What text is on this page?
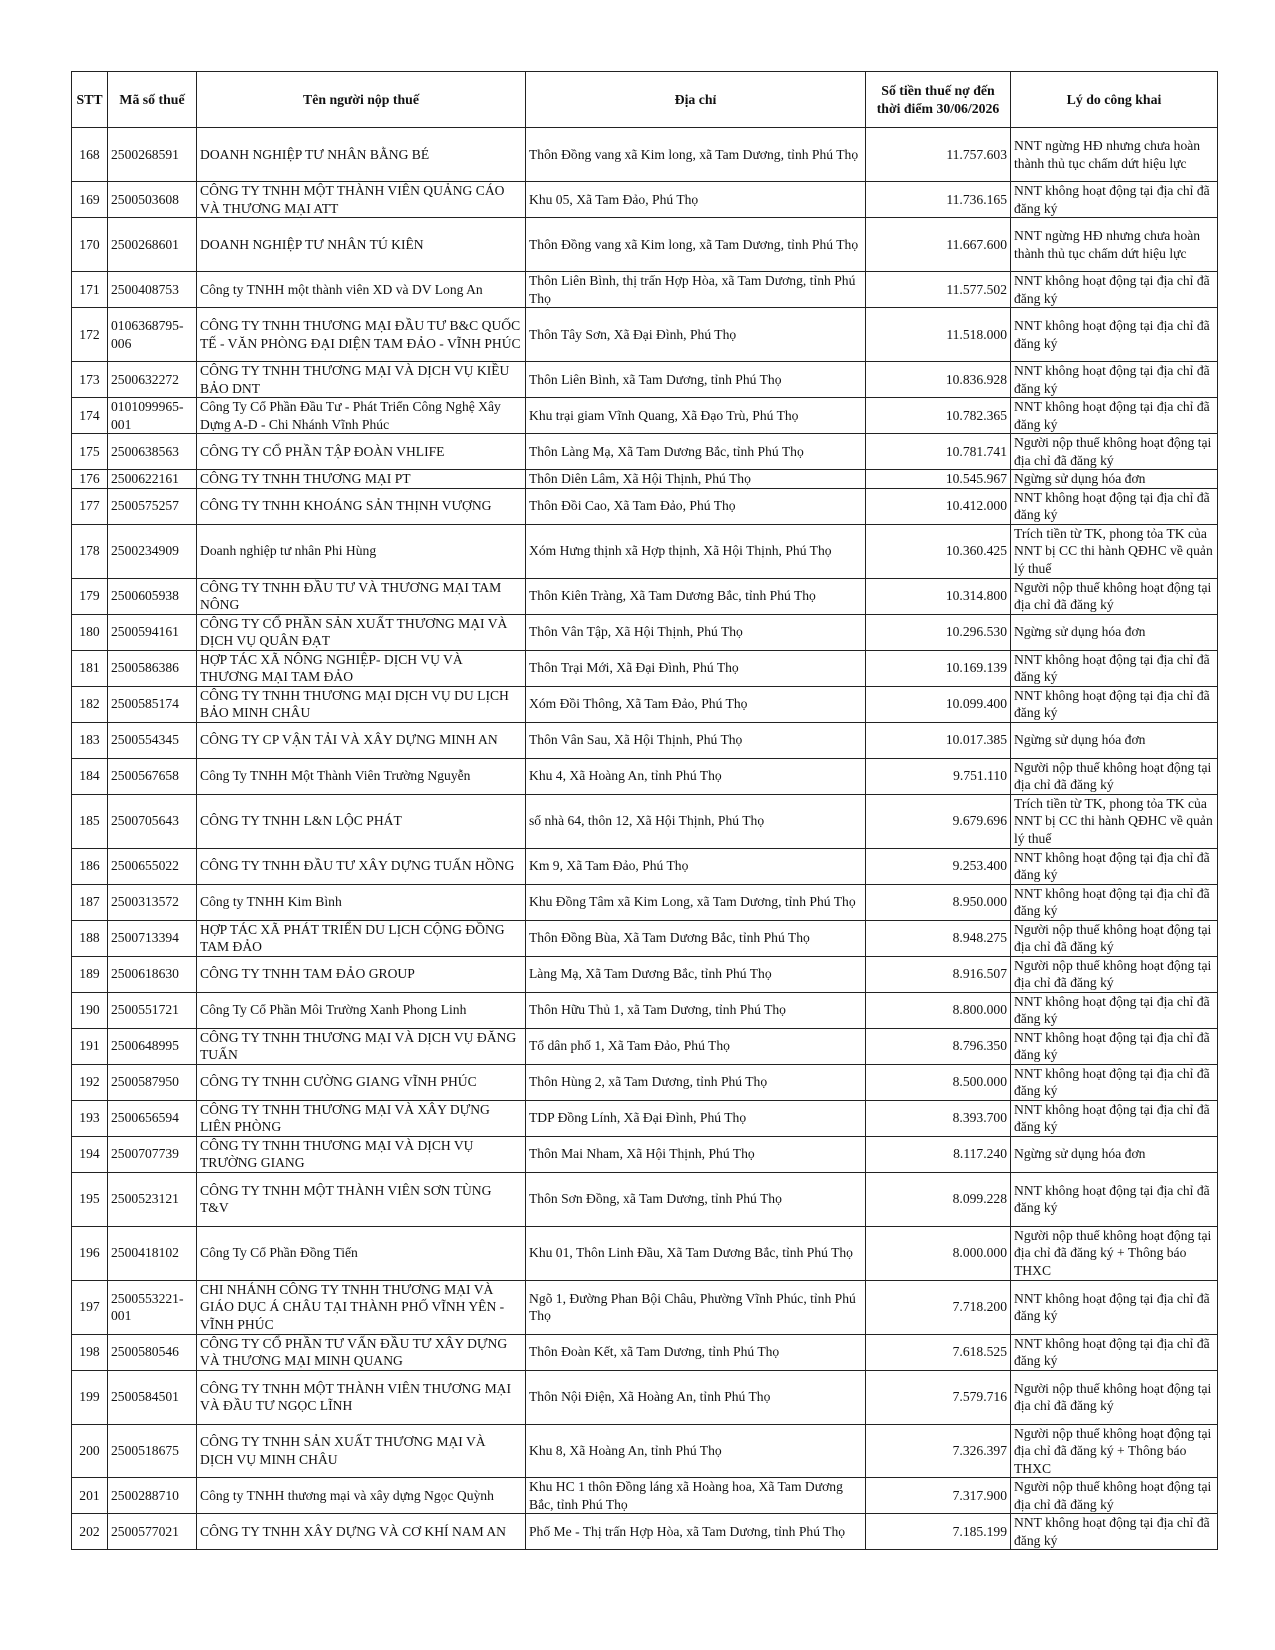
STT	Mã số thuế	Tên người nộp thuế	Địa chỉ	Số tiền thuế nợ đến thời điểm 30/06/2026	Lý do công khai
168	2500268591	DOANH NGHIỆP TƯ NHÂN BẰNG BÉ	Thôn Đồng vang xã Kim long, xã Tam Dương, tỉnh Phú Thọ	11.757.603	NNT ngừng HĐ nhưng chưa hoàn thành thủ tục chấm dứt hiệu lực
169	2500503608	CÔNG TY TNHH MỘT THÀNH VIÊN QUẢNG CÁO VÀ THƯƠNG MẠI ATT	Khu 05, Xã Tam Đảo, Phú Thọ	11.736.165	NNT không hoạt động tại địa chỉ đã đăng ký
170	2500268601	DOANH NGHIỆP TƯ NHÂN TÚ KIÊN	Thôn Đồng vang xã Kim long, xã Tam Dương, tỉnh Phú Thọ	11.667.600	NNT ngừng HĐ nhưng chưa hoàn thành thủ tục chấm dứt hiệu lực
171	2500408753	Công ty TNHH một thành viên XD và DV Long An	Thôn Liên Bình, thị trấn Hợp Hòa, xã Tam Dương, tỉnh Phú Thọ	11.577.502	NNT không hoạt động tại địa chỉ đã đăng ký
172	0106368795-006	CÔNG TY TNHH THƯƠNG MẠI ĐẦU TƯ B&C QUỐC TẾ - VĂN PHÒNG ĐẠI DIỆN TAM ĐẢO - VĨNH PHÚC	Thôn Tây Sơn, Xã Đại Đình, Phú Thọ	11.518.000	NNT không hoạt động tại địa chỉ đã đăng ký
173	2500632272	CÔNG TY TNHH THƯƠNG MẠI VÀ DỊCH VỤ KIỀU BẢO DNT	Thôn Liên Bình, xã Tam Dương, tỉnh Phú Thọ	10.836.928	NNT không hoạt động tại địa chỉ đã đăng ký
174	0101099965-001	Công Ty Cổ Phần Đầu Tư - Phát Triển Công Nghệ Xây Dựng A-D - Chi Nhánh Vĩnh Phúc	Khu trại giam Vĩnh Quang, Xã Đạo Trù, Phú Thọ	10.782.365	NNT không hoạt động tại địa chỉ đã đăng ký
175	2500638563	CÔNG TY CỔ PHẦN TẬP ĐOÀN VHLIFE	Thôn Làng Mạ, Xã Tam Dương Bắc, tỉnh Phú Thọ	10.781.741	Người nộp thuế không hoạt động tại địa chỉ đã đăng ký
176	2500622161	CÔNG TY TNHH THƯƠNG MẠI PT	Thôn Diên Lâm, Xã Hội Thịnh, Phú Thọ	10.545.967	Ngừng sử dụng hóa đơn
177	2500575257	CÔNG TY TNHH KHOÁNG SẢN THỊNH VƯỢNG	Thôn Đồi Cao, Xã Tam Đảo, Phú Thọ	10.412.000	NNT không hoạt động tại địa chỉ đã đăng ký
178	2500234909	Doanh nghiệp tư nhân Phi Hùng	Xóm Hưng thịnh xã Hợp thịnh, Xã Hội Thịnh, Phú Thọ	10.360.425	Trích tiền từ TK, phong tỏa TK của NNT bị CC thi hành QĐHC về quản lý thuế
179	2500605938	CÔNG TY TNHH ĐẦU TƯ VÀ THƯƠNG MẠI TAM NÔNG	Thôn Kiên Tràng, Xã Tam Dương Bắc, tỉnh Phú Thọ	10.314.800	Người nộp thuế không hoạt động tại địa chỉ đã đăng ký
180	2500594161	CÔNG TY CỔ PHẦN SẢN XUẤT THƯƠNG MẠI VÀ DỊCH VỤ QUÂN ĐẠT	Thôn Vân Tập, Xã Hội Thịnh, Phú Thọ	10.296.530	Ngừng sử dụng hóa đơn
181	2500586386	HỢP TÁC XÃ NÔNG NGHIỆP- DỊCH VỤ VÀ THƯƠNG MẠI TAM ĐẢO	Thôn Trại Mới, Xã Đại Đình, Phú Thọ	10.169.139	NNT không hoạt động tại địa chỉ đã đăng ký
182	2500585174	CÔNG TY TNHH THƯƠNG MẠI DỊCH VỤ DU LỊCH BẢO MINH CHÂU	Xóm Đồi Thông, Xã Tam Đảo, Phú Thọ	10.099.400	NNT không hoạt động tại địa chỉ đã đăng ký
183	2500554345	CÔNG TY CP VẬN TẢI VÀ XÂY DỰNG MINH AN	Thôn Vân Sau, Xã Hội Thịnh, Phú Thọ	10.017.385	Ngừng sử dụng hóa đơn
184	2500567658	Công Ty TNHH Một Thành Viên Trường Nguyễn	Khu 4, Xã Hoàng An, tỉnh Phú Thọ	9.751.110	Người nộp thuế không hoạt động tại địa chỉ đã đăng ký
185	2500705643	CÔNG TY TNHH L&N LỘC PHÁT	số nhà 64, thôn 12, Xã Hội Thịnh, Phú Thọ	9.679.696	Trích tiền từ TK, phong tỏa TK của NNT bị CC thi hành QĐHC về quản lý thuế
186	2500655022	CÔNG TY TNHH ĐẦU TƯ XÂY DỰNG TUẤN HỒNG	Km 9, Xã Tam Đảo, Phú Thọ	9.253.400	NNT không hoạt động tại địa chỉ đã đăng ký
187	2500313572	Công ty TNHH Kim Bình	Khu Đồng Tâm xã Kim Long, xã Tam Dương, tỉnh Phú Thọ	8.950.000	NNT không hoạt động tại địa chỉ đã đăng ký
188	2500713394	HỢP TÁC XÃ PHÁT TRIỂN DU LỊCH CỘNG ĐỒNG TAM ĐẢO	Thôn Đồng Bùa, Xã Tam Dương Bắc, tỉnh Phú Thọ	8.948.275	Người nộp thuế không hoạt động tại địa chỉ đã đăng ký
189	2500618630	CÔNG TY TNHH TAM ĐẢO GROUP	Làng Mạ, Xã Tam Dương Bắc, tỉnh Phú Thọ	8.916.507	Người nộp thuế không hoạt động tại địa chỉ đã đăng ký
190	2500551721	Công Ty Cổ Phần Môi Trường Xanh Phong Linh	Thôn Hữu Thủ 1, xã Tam Dương, tỉnh Phú Thọ	8.800.000	NNT không hoạt động tại địa chỉ đã đăng ký
191	2500648995	CÔNG TY TNHH THƯƠNG MẠI VÀ DỊCH VỤ ĐĂNG TUẤN	Tổ dân phố 1, Xã Tam Đảo, Phú Thọ	8.796.350	NNT không hoạt động tại địa chỉ đã đăng ký
192	2500587950	CÔNG TY TNHH CƯỜNG GIANG VĨNH PHÚC	Thôn Hùng 2, xã Tam Dương, tỉnh Phú Thọ	8.500.000	NNT không hoạt động tại địa chỉ đã đăng ký
193	2500656594	CÔNG TY TNHH THƯƠNG MẠI VÀ XÂY DỰNG LIÊN PHÒNG	TDP Đồng Lính, Xã Đại Đình, Phú Thọ	8.393.700	NNT không hoạt động tại địa chỉ đã đăng ký
194	2500707739	CÔNG TY TNHH THƯƠNG MẠI VÀ DỊCH VỤ TRƯỜNG GIANG	Thôn Mai Nham, Xã Hội Thịnh, Phú Thọ	8.117.240	Ngừng sử dụng hóa đơn
195	2500523121	CÔNG TY TNHH MỘT THÀNH VIÊN SƠN TÙNG T&V	Thôn Sơn Đồng, xã Tam Dương, tỉnh Phú Thọ	8.099.228	NNT không hoạt động tại địa chỉ đã đăng ký
196	2500418102	Công Ty Cổ Phần Đồng Tiến	Khu 01, Thôn Linh Đầu, Xã Tam Dương Bắc, tỉnh Phú Thọ	8.000.000	Người nộp thuế không hoạt động tại địa chỉ đã đăng ký + Thông báo THXC
197	2500553221-001	CHI NHÁNH CÔNG TY TNHH THƯƠNG MẠI VÀ GIÁO DỤC Á CHÂU TẠI THÀNH PHỐ VĨNH YÊN - VĨNH PHÚC	Ngõ 1, Đường Phan Bội Châu, Phường Vĩnh Phúc, tỉnh Phú Thọ	7.718.200	NNT không hoạt động tại địa chỉ đã đăng ký
198	2500580546	CÔNG TY CỔ PHẦN TƯ VẤN ĐẦU TƯ XÂY DỰNG VÀ THƯƠNG MẠI MINH QUANG	Thôn Đoàn Kết, xã Tam Dương, tỉnh Phú Thọ	7.618.525	NNT không hoạt động tại địa chỉ đã đăng ký
199	2500584501	CÔNG TY TNHH MỘT THÀNH VIÊN THƯƠNG MẠI VÀ ĐẦU TƯ NGỌC LĨNH	Thôn Nội Điện, Xã Hoàng An, tỉnh Phú Thọ	7.579.716	Người nộp thuế không hoạt động tại địa chỉ đã đăng ký
200	2500518675	CÔNG TY TNHH SẢN XUẤT THƯƠNG MẠI VÀ DỊCH VỤ MINH CHÂU	Khu 8, Xã Hoàng An, tỉnh Phú Thọ	7.326.397	Người nộp thuế không hoạt động tại địa chỉ đã đăng ký + Thông báo THXC
201	2500288710	Công ty TNHH thương mại và xây dựng Ngọc Quỳnh	Khu HC 1 thôn Đồng láng xã Hoàng hoa, Xã Tam Dương Bắc, tỉnh Phú Thọ	7.317.900	Người nộp thuế không hoạt động tại địa chỉ đã đăng ký
202	2500577021	CÔNG TY TNHH XÂY DỰNG VÀ CƠ KHÍ NAM AN	Phố Me - Thị trấn Hợp Hòa, xã Tam Dương, tỉnh Phú Thọ	7.185.199	NNT không hoạt động tại địa chỉ đã đăng ký
